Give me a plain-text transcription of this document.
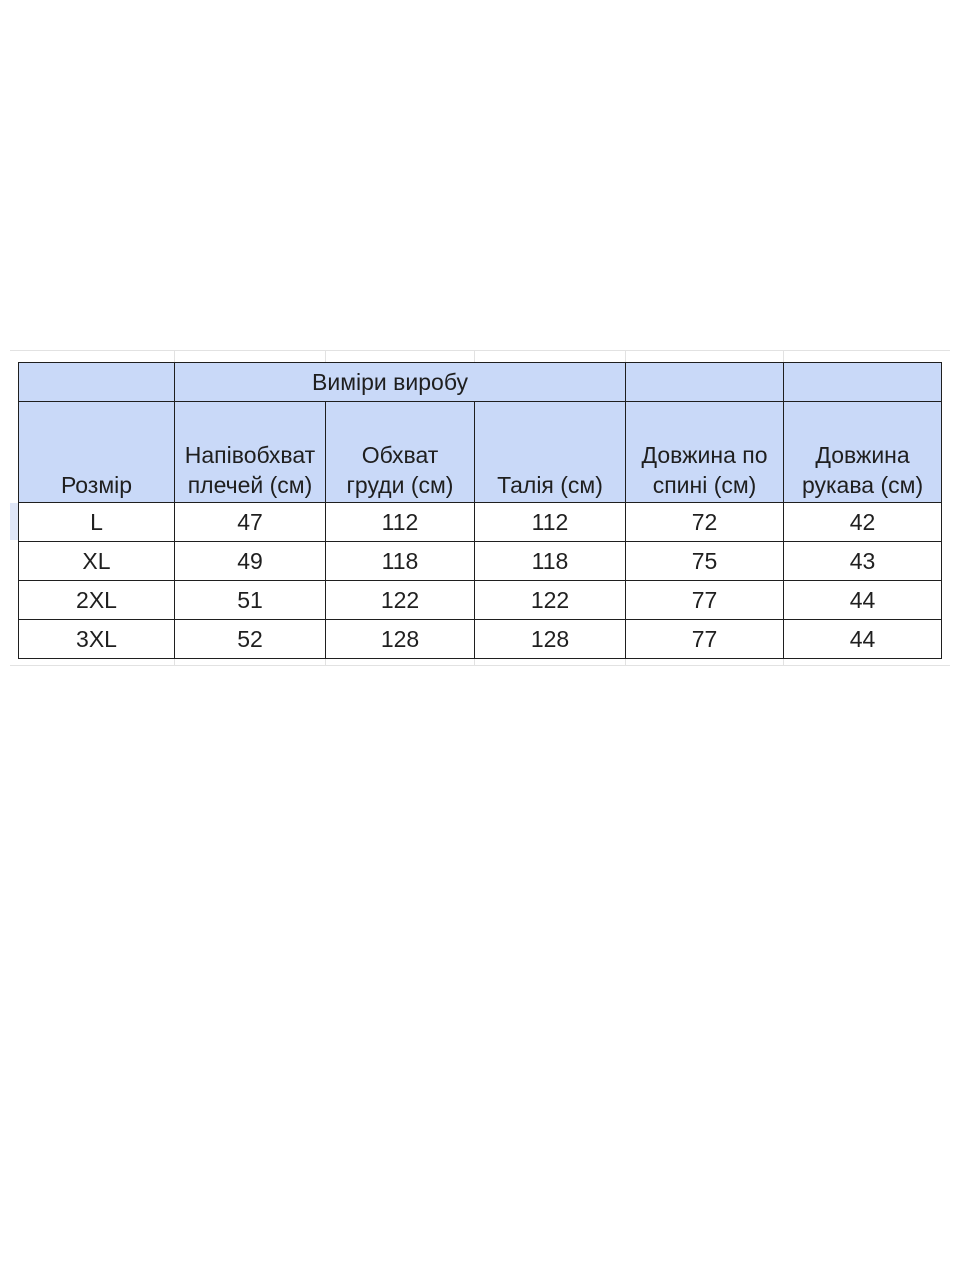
	Виміри виробу				
Розмір	Напівобхват плечей (см)	Обхват груди (см)	Талія (см)	Довжина по спині (см)	Довжина рукава (см)
L	47	112	112	72	42
XL	49	118	118	75	43
2XL	51	122	122	77	44
3XL	52	128	128	77	44
